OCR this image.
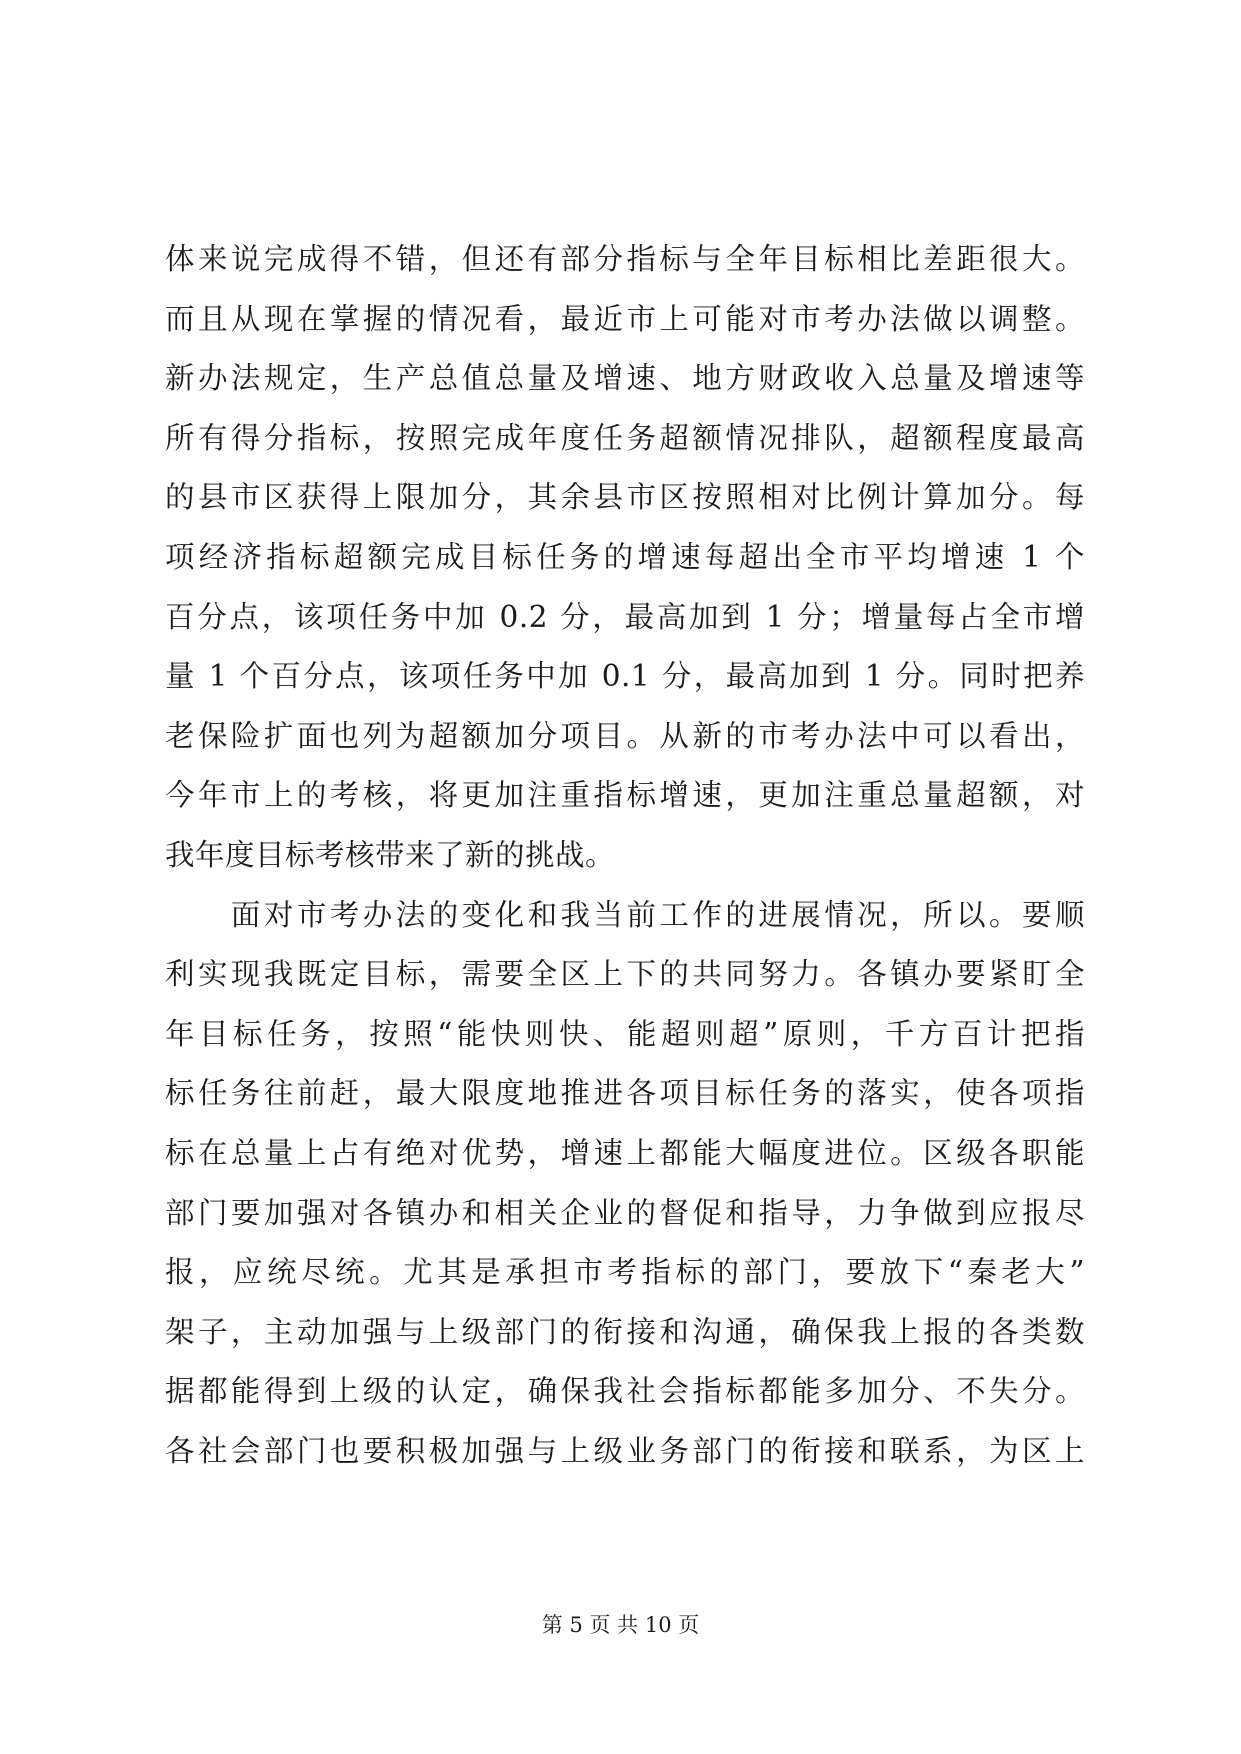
体来说完成得不错，但还有部分指标与全年目标相比差距很大。
而且从现在掌握的情况看，最近市上可能对市考办法做以调整。
新办法规定，生产总值总量及增速、地方财政收入总量及增速等
所有得分指标，按照完成年度任务超额情况排队，超额程度最高
的县市区获得上限加分，其余县市区按照相对比例计算加分。每
项经济指标超额完成目标任务的增速每超出全市平均增速 1 个
百分点，该项任务中加 0.2 分，最高加到 1 分；增量每占全市增
量 1 个百分点，该项任务中加 0.1 分，最高加到 1 分。同时把养
老保险扩面也列为超额加分项目。从新的市考办法中可以看出，
今年市上的考核，将更加注重指标增速，更加注重总量超额，对
我年度目标考核带来了新的挑战。
　　面对市考办法的变化和我当前工作的进展情况，所以。要顺
利实现我既定目标，需要全区上下的共同努力。各镇办要紧盯全
年目标任务，按照“能快则快、能超则超”原则，千方百计把指
标任务往前赶，最大限度地推进各项目标任务的落实，使各项指
标在总量上占有绝对优势，增速上都能大幅度进位。区级各职能
部门要加强对各镇办和相关企业的督促和指导，力争做到应报尽
报，应统尽统。尤其是承担市考指标的部门，要放下“秦老大”
架子，主动加强与上级部门的衔接和沟通，确保我上报的各类数
据都能得到上级的认定，确保我社会指标都能多加分、不失分。
各社会部门也要积极加强与上级业务部门的衔接和联系，为区上
第 5 页 共 10 页
